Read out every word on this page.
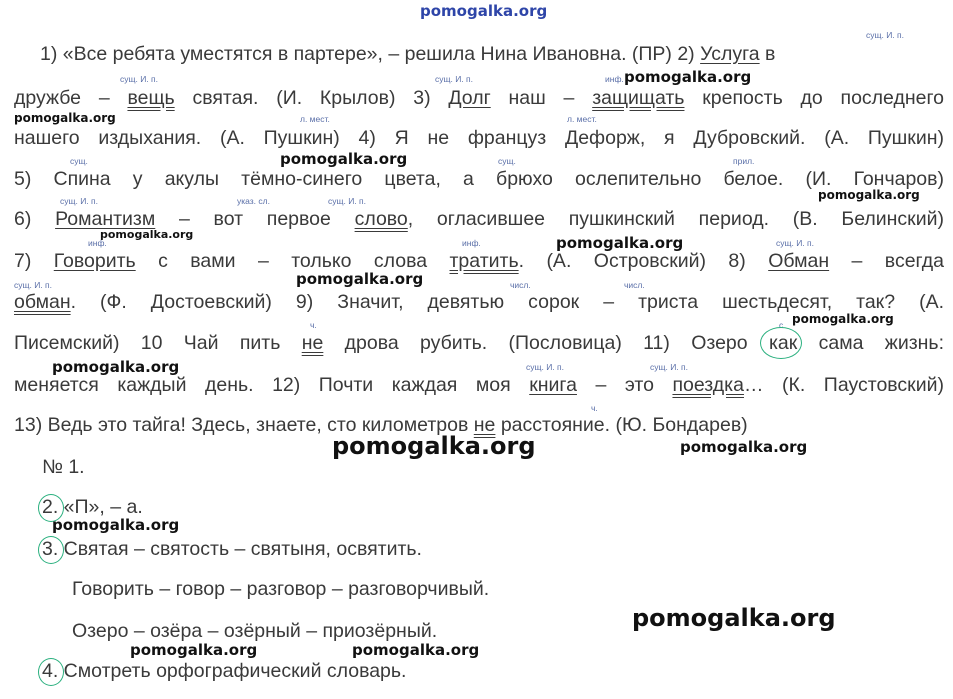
pomogalka.org
сущ. И. п.
сущ. И. п.	сущ. И. п.	инф.
л. мест.	л. мест.
сущ.	сущ.	прил.
сущ. И. п.	указ. сл.	сущ. И. п.
инф.	инф.	сущ. И. п.
сущ. И. п.	числ.	числ.
ч.	с
сущ. И. п.	сущ. И. п.
ч.
1) «Все ребята уместятся в партере», – решила Нина Ивановна. (ПР) 2) Услуга в
дружбе – вещь святая. (И. Крылов) 3) Долг наш – защищать крепость до последнего
нашего издыхания. (А. Пушкин) 4) Я не француз Дефорж, я Дубровский. (А. Пушкин)
5) Спина у акулы тёмно-синего цвета, а брюхо ослепительно белое. (И. Гончаров)
6) Романтизм – вот первое слово, огласившее пушкинский период. (В. Белинский)
7) Говорить с вами – только слова тратить. (А. Островский) 8) Обман – всегда
обман. (Ф. Достоевский) 9) Значит, девятью сорок – триста шестьдесят, так? (А.
Писемский) 10 Чай пить не дрова рубить. (Пословица) 11) Озеро как сама жизнь:
меняется каждый день. 12) Почти каждая моя книга – это поездка… (К. Паустовский)
13) Ведь это тайга! Здесь, знаете, сто километров не расстояние. (Ю. Бондарев)
№ 1.
2. «П», – а.
3. Святая – святость – святыня, освятить.
Говорить – говор – разговор – разговорчивый.
Озеро – озёра – озёрный – приозёрный.
4. Смотреть орфографический словарь.
pomogalka.org
pomogalka.org
pomogalka.org
pomogalka.org
pomogalka.org	pomogalka.org
pomogalka.org
pomogalka.org
pomogalka.org
pomogalka.org	pomogalka.org
pomogalka.org
pomogalka.org
pomogalka.org	pomogalka.org
